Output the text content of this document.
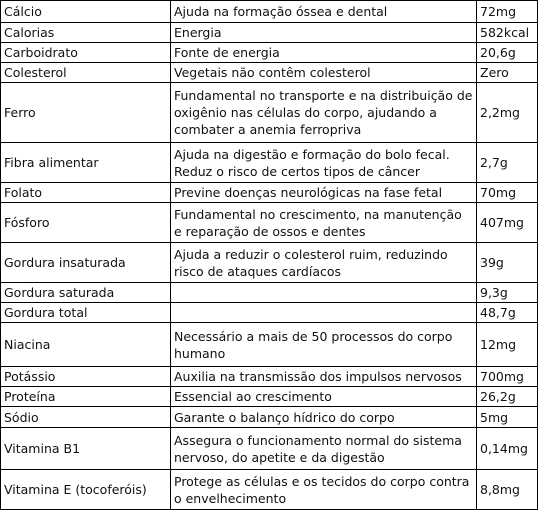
Cálcio	Ajuda na formação óssea e dental	72mg
Calorias	Energia	582kcal
Carboidrato	Fonte de energia	20,6g
Colesterol	Vegetais não contêm colesterol	Zero
Ferro	Fundamental no transporte e na distribuição de oxigênio nas células do corpo, ajudando a combater a anemia ferropriva	2,2mg
Fibra alimentar	Ajuda na digestão e formação do bolo fecal. Reduz o risco de certos tipos de câncer	2,7g
Folato	Previne doenças neurológicas na fase fetal	70mg
Fósforo	Fundamental no crescimento, na manutenção e reparação de ossos e dentes	407mg
Gordura insaturada	Ajuda a reduzir o colesterol ruim, reduzindo risco de ataques cardíacos	39g
Gordura saturada		9,3g
Gordura total		48,7g
Niacina	Necessário a mais de 50 processos do corpo humano	12mg
Potássio	Auxilia na transmissão dos impulsos nervosos	700mg
Proteína	Essencial ao crescimento	26,2g
Sódio	Garante o balanço hídrico do corpo	5mg
Vitamina B1	Assegura o funcionamento normal do sistema nervoso, do apetite e da digestão	0,14mg
Vitamina E (tocoferóis)	Protege as células e os tecidos do corpo contra o envelhecimento	8,8mg
